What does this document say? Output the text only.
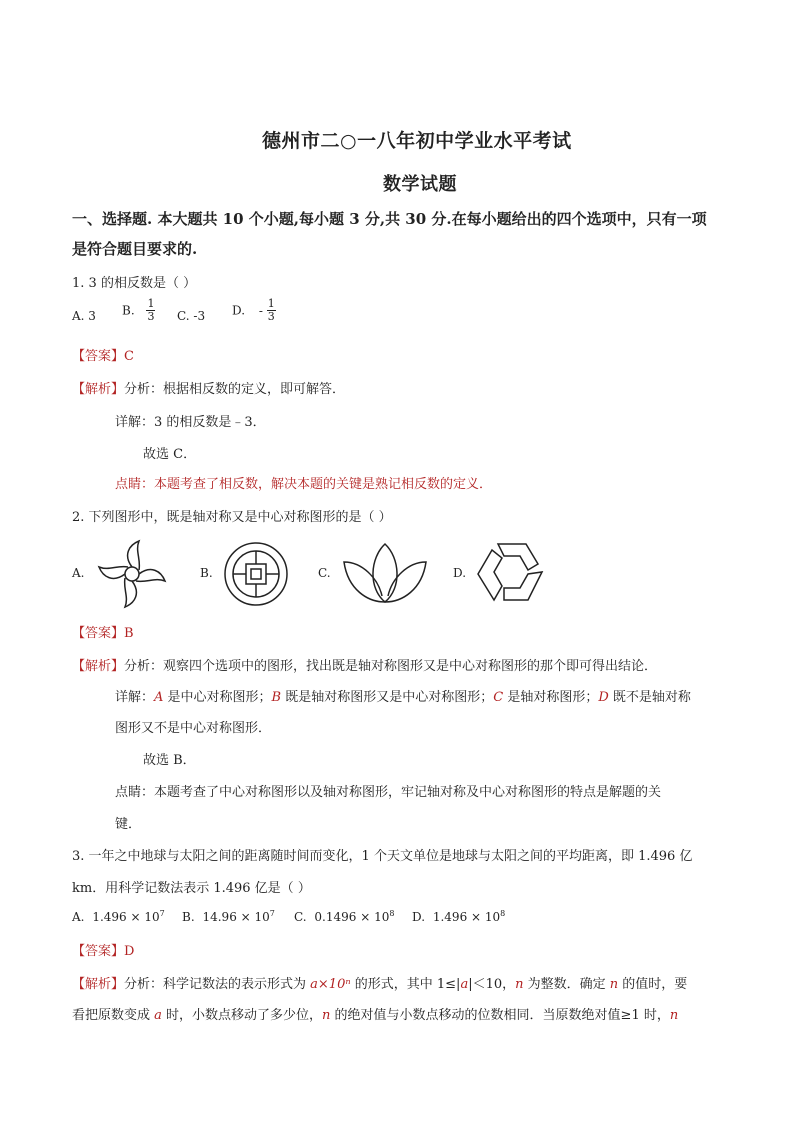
德州市二○一八年初中学业水平考试
数学试题
一、选择题. 本大题共 10 个小题,每小题 3 分,共 30 分.在每小题给出的四个选项中，只有一项
是符合题目要求的.
1. 3 的相反数是（ ）
A. 3 B. $\frac{1}{3} C$. -3 D. - $\frac{1}{3}$
【答案】C
【解析】分析：根据相反数的定义，即可解答．
详解：3 的相反数是﹣3．
故选 C．
点睛：本题考查了相反数，解决本题的关键是熟记相反数的定义．
2. 下列图形中，既是轴对称又是中心对称图形的是（ ）
A.	B.	C.	D.
【答案】B
【解析】分析：观察四个选项中的图形，找出既是轴对称图形又是中心对称图形的那个即可得出结论．
详解：A 是中心对称图形；B 既是轴对称图形又是中心对称图形；C 是轴对称图形；D 既不是轴对称
图形又不是中心对称图形．
故选 B．
点睛：本题考查了中心对称图形以及轴对称图形，牢记轴对称及中心对称图形的特点是解题的关
键．
3. 一年之中地球与太阳之间的距离随时间而变化，1 个天文单位是地球与太阳之间的平均距离，即 1.496 亿
km．用科学记数法表示 1.496 亿是（ ）
A. $1.496 \times 10^7$ B. $14.96 \times 10^7$ C. $0.1496 \times 10^8$ D. $1.496 \times 10^8$
【答案】D
【解析】分析：科学记数法的表示形式为 a×10ⁿ 的形式，其中 1≤|a|＜10，n 为整数．确定 n 的值时，要
看把原数变成 a 时，小数点移动了多少位，n 的绝对值与小数点移动的位数相同．当原数绝对值≥1 时，n
